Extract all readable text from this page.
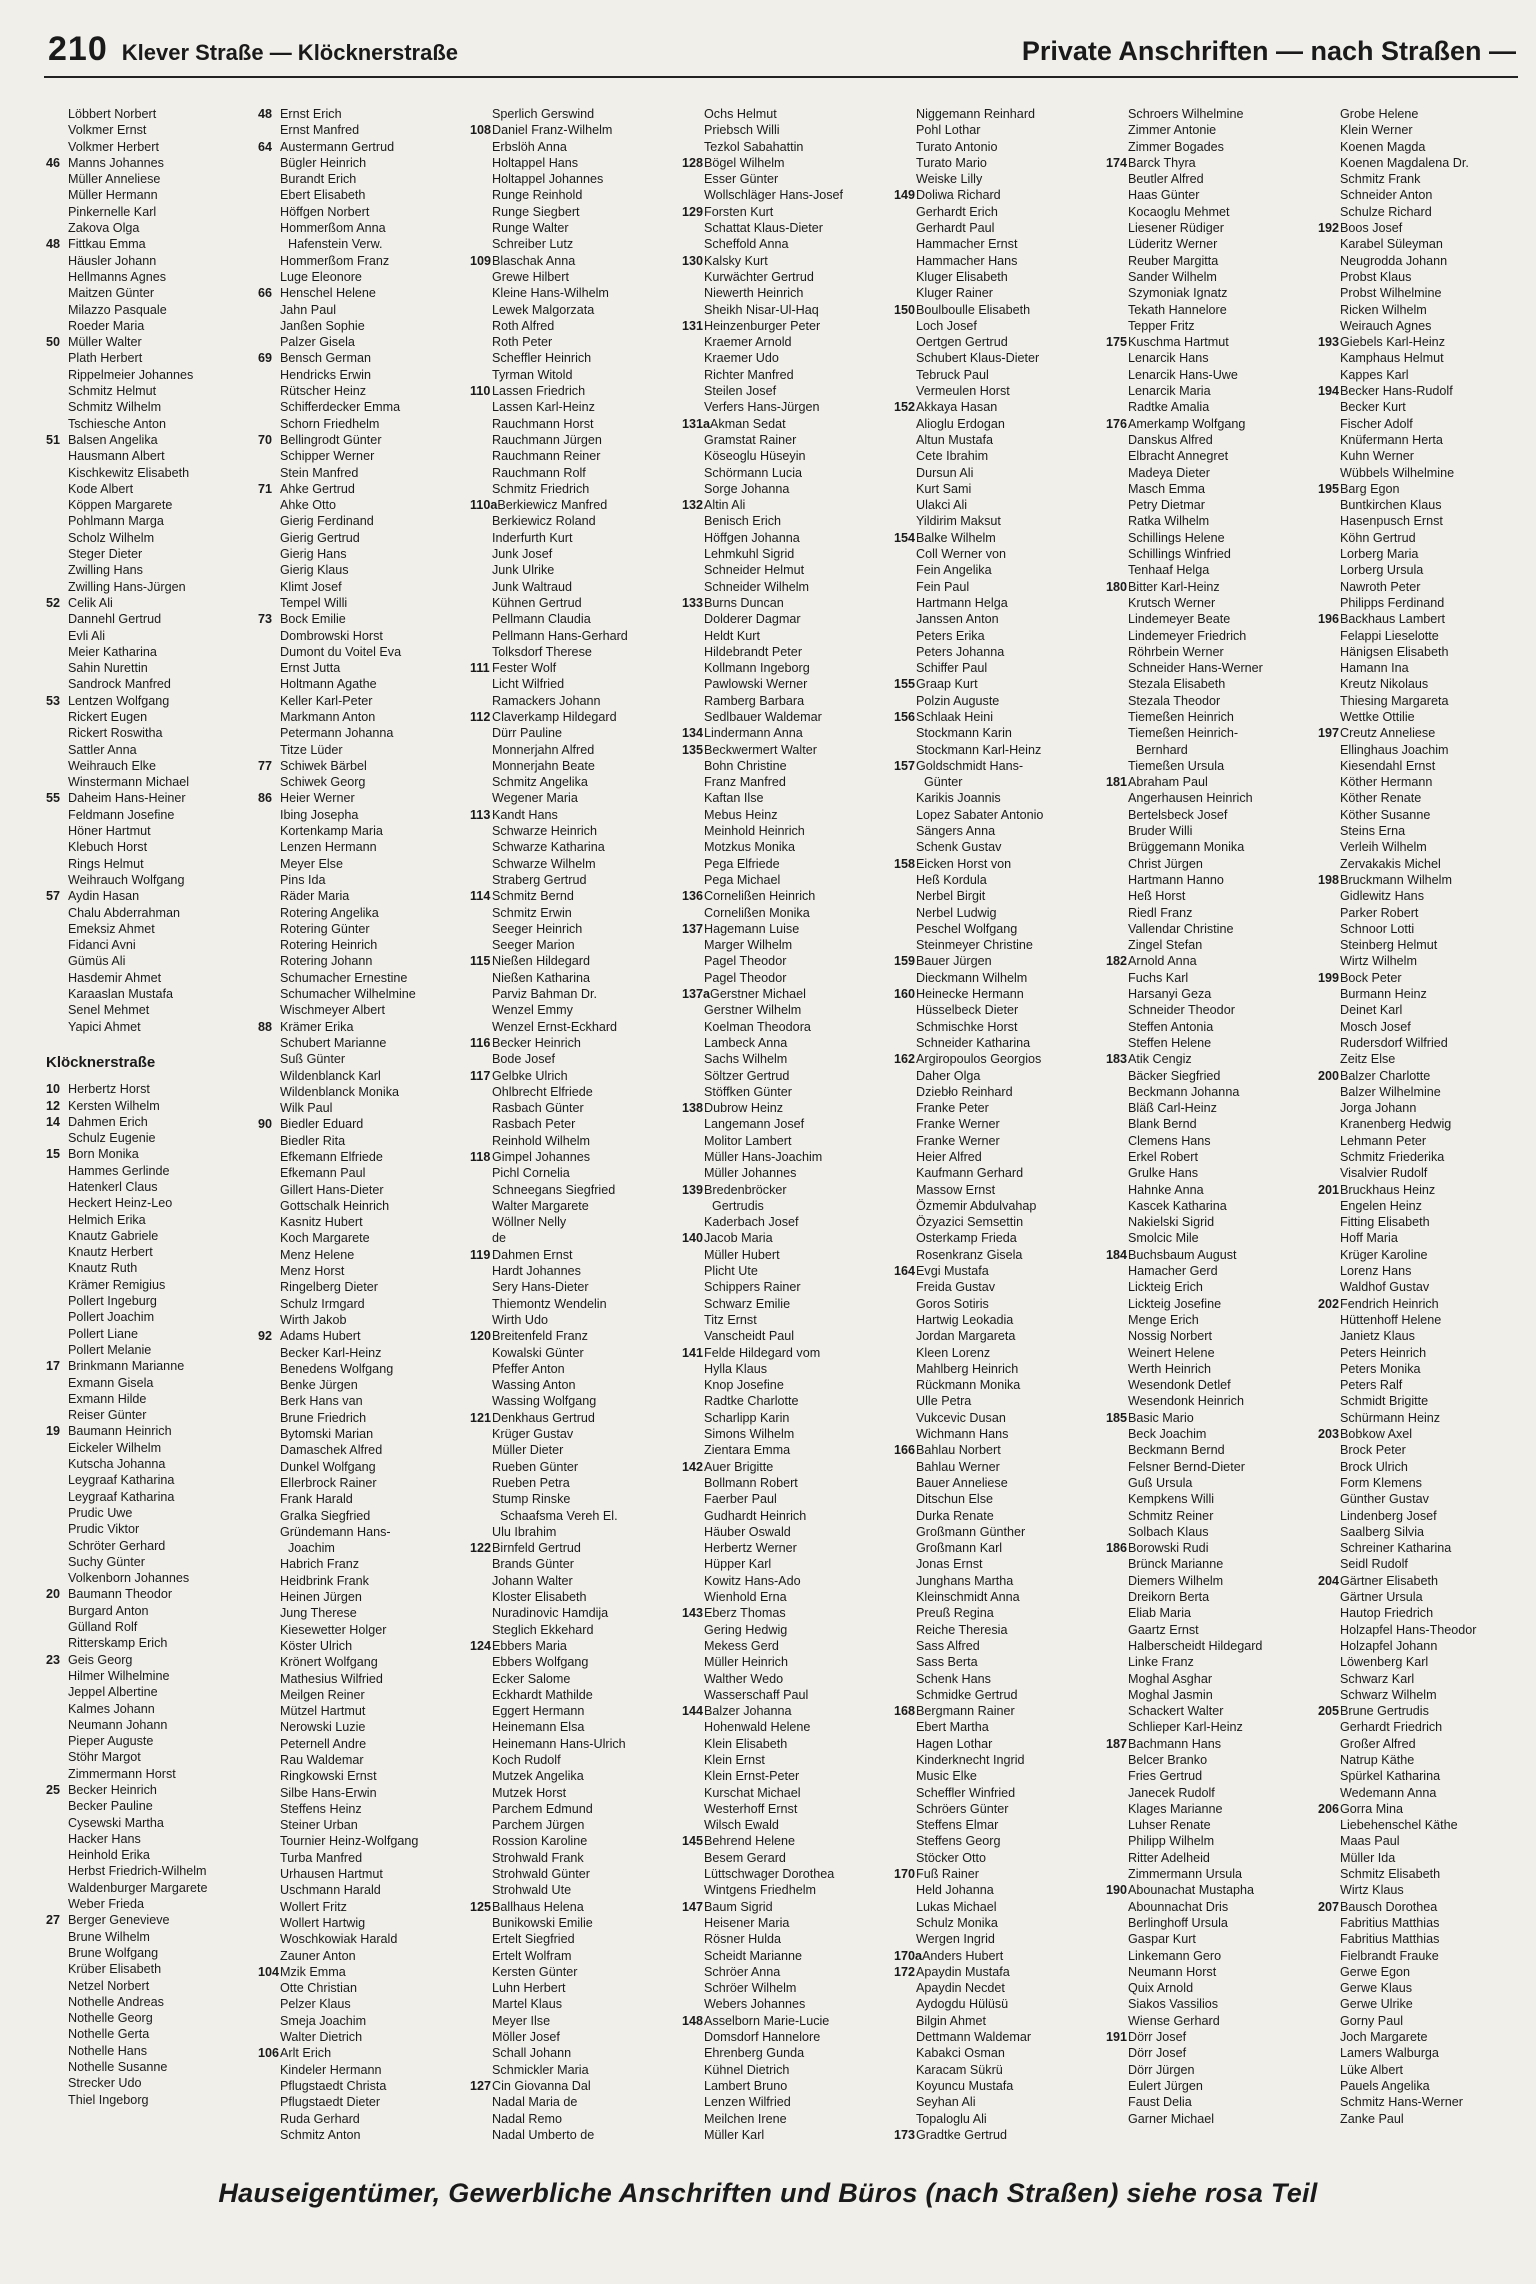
210 Klever Straße — Klöcknerstraße	Private Anschriften — nach Straßen —
Löbbert Norbert
Volkmer Ernst
Volkmer Herbert
46 Manns Johannes
Müller Anneliese
Müller Hermann
Pinkernelle Karl
Zakova Olga
48 Fittkau Emma
Häusler Johann
Hellmanns Agnes
Maitzen Günter
Milazzo Pasquale
Roeder Maria
50 Müller Walter
Plath Herbert
Rippelmeier Johannes
Schmitz Helmut
Schmitz Wilhelm
Tschiesche Anton
51 Balsen Angelika
Hausmann Albert
Kischkewitz Elisabeth
Kode Albert
Köppen Margarete
Pohlmann Marga
Scholz Wilhelm
Steger Dieter
Zwilling Hans
Zwilling Hans-Jürgen
52 Celik Ali
Dannehl Gertrud
Evli Ali
Meier Katharina
Sahin Nurettin
Sandrock Manfred
53 Lentzen Wolfgang
Rickert Eugen
Rickert Roswitha
Sattler Anna
Weihrauch Elke
Winstermann Michael
55 Daheim Hans-Heiner
Feldmann Josefine
Höner Hartmut
Klebuch Horst
Rings Helmut
Weihrauch Wolfgang
57 Aydin Hasan
Chalu Abderrahman
Emeksiz Ahmet
Fidanci Avni
Gümüs Ali
Hasdemir Ahmet
Karaaslan Mustafa
Senel Mehmet
Yapici Ahmet
Klöcknerstraße
10 Herbertz Horst
12 Kersten Wilhelm
14 Dahmen Erich
Schulz Eugenie
15 Born Monika
Hammes Gerlinde
Hatenkerl Claus
Heckert Heinz-Leo
Helmich Erika
Knautz Gabriele
Knautz Herbert
Knautz Ruth
Krämer Remigius
Pollert Ingeburg
Pollert Joachim
Pollert Liane
Pollert Melanie
17 Brinkmann Marianne
Exmann Gisela
Exmann Hilde
Reiser Günter
19 Baumann Heinrich
Eickeler Wilhelm
Kutscha Johanna
Leygraaf Katharina
Leygraaf Katharina
Prudic Uwe
Prudic Viktor
Schröter Gerhard
Suchy Günter
Volkenborn Johannes
20 Baumann Theodor
Burgard Anton
Gülland Rolf
Ritterskamp Erich
23 Geis Georg
Hilmer Wilhelmine
Jeppel Albertine
Kalmes Johann
Neumann Johann
Pieper Auguste
Stöhr Margot
Zimmermann Horst
25 Becker Heinrich
Becker Pauline
Cysewski Martha
Hacker Hans
Heinhold Erika
Herbst Friedrich-Wilhelm
Waldenburger Margarete
Weber Frieda
27 Berger Genevieve
Brune Wilhelm
Brune Wolfgang
Krüber Elisabeth
Netzel Norbert
Nothelle Andreas
Nothelle Georg
Nothelle Gerta
Nothelle Hans
Nothelle Susanne
Strecker Udo
Thiel Ingeborg
48 Ernst Erich
Ernst Manfred
64 Austermann Gertrud
Bügler Heinrich
Burandt Erich
Ebert Elisabeth
Höffgen Norbert
Hommerßom Anna
Hafenstein Verw.
Hommerßom Franz
Luge Eleonore
66 Henschel Helene
Jahn Paul
Janßen Sophie
Palzer Gisela
69 Bensch German
Hendricks Erwin
Rütscher Heinz
Schifferdecker Emma
Schorn Friedhelm
70 Bellingrodt Günter
Schipper Werner
Stein Manfred
71 Ahke Gertrud
Ahke Otto
Gierig Ferdinand
Gierig Gertrud
Gierig Hans
Gierig Klaus
Klimt Josef
Tempel Willi
73 Bock Emilie
Dombrowski Horst
Dumont du Voitel Eva
Ernst Jutta
Holtmann Agathe
Keller Karl-Peter
Markmann Anton
Petermann Johanna
Titze Lüder
77 Schiwek Bärbel
Schiwek Georg
86 Heier Werner
Ibing Josepha
Kortenkamp Maria
Lenzen Hermann
Meyer Else
Pins Ida
Räder Maria
Rotering Angelika
Rotering Günter
Rotering Heinrich
Rotering Johann
Schumacher Ernestine
Schumacher Wilhelmine
Wischmeyer Albert
88 Krämer Erika
Schubert Marianne
Suß Günter
Wildenblanck Karl
Wildenblanck Monika
Wilk Paul
90 Biedler Eduard
Biedler Rita
Efkemann Elfriede
Efkemann Paul
Gillert Hans-Dieter
Gottschalk Heinrich
Kasnitz Hubert
Koch Margarete
Menz Helene
Menz Horst
Ringelberg Dieter
Schulz Irmgard
Wirth Jakob
92 Adams Hubert
Becker Karl-Heinz
Benedens Wolfgang
Benke Jürgen
Berk Hans van
Brune Friedrich
Bytomski Marian
Damaschek Alfred
Dunkel Wolfgang
Ellerbrock Rainer
Frank Harald
Gralka Siegfried
Gründemann Hans-
Joachim
Habrich Franz
Heidbrink Frank
Heinen Jürgen
Jung Therese
Kiesewetter Holger
Köster Ulrich
Krönert Wolfgang
Mathesius Wilfried
Meilgen Reiner
Mützel Hartmut
Nerowski Luzie
Peternell Andre
Rau Waldemar
Ringkowski Ernst
Silbe Hans-Erwin
Steffens Heinz
Steiner Urban
Tournier Heinz-Wolfgang
Turba Manfred
Urhausen Hartmut
Uschmann Harald
Wollert Fritz
Wollert Hartwig
Woschkowiak Harald
Zauner Anton
104Mzik Emma
Otte Christian
Pelzer Klaus
Smeja Joachim
Walter Dietrich
106Arlt Erich
Kindeler Hermann
Pflugstaedt Christa
Pflugstaedt Dieter
Ruda Gerhard
Schmitz Anton
Sperlich Gerswind
108Daniel Franz-Wilhelm
Erbslöh Anna
Holtappel Hans
Holtappel Johannes
Runge Reinhold
Runge Siegbert
Runge Walter
Schreiber Lutz
109Blaschak Anna
Grewe Hilbert
Kleine Hans-Wilhelm
Lewek Malgorzata
Roth Alfred
Roth Peter
Scheffler Heinrich
Tyrman Witold
110 Lassen Friedrich
Lassen Karl-Heinz
Rauchmann Horst
Rauchmann Jürgen
Rauchmann Reiner
Rauchmann Rolf
Schmitz Friedrich
110aBerkiewicz Manfred
Berkiewicz Roland
Inderfurth Kurt
Junk Josef
Junk Ulrike
Junk Waltraud
Kühnen Gertrud
Pellmann Claudia
Pellmann Hans-Gerhard
Tolksdorf Therese
111 Fester Wolf
Licht Wilfried
Ramackers Johann
112 Claverkamp Hildegard
Dürr Pauline
Monnerjahn Alfred
Monnerjahn Beate
Schmitz Angelika
Wegener Maria
113 Kandt Hans
Schwarze Heinrich
Schwarze Katharina
Schwarze Wilhelm
Straberg Gertrud
114 Schmitz Bernd
Schmitz Erwin
Seeger Heinrich
Seeger Marion
115 Nießen Hildegard
Nießen Katharina
Parviz Bahman Dr.
Wenzel Emmy
Wenzel Ernst-Eckhard
116 Becker Heinrich
Bode Josef
117 Gelbke Ulrich
Ohlbrecht Elfriede
Rasbach Günter
Rasbach Peter
Reinhold Wilhelm
118 Gimpel Johannes
Pichl Cornelia
Schneegans Siegfried
Walter Margarete
Wöllner Nelly
de
119 Dahmen Ernst
Hardt Johannes
Sery Hans-Dieter
Thiemontz Wendelin
Wirth Udo
120Breitenfeld Franz
Kowalski Günter
Pfeffer Anton
Wassing Anton
Wassing Wolfgang
121Denkhaus Gertrud
Krüger Gustav
Müller Dieter
Rueben Günter
Rueben Petra
Stump Rinske
Schaafsma Vereh El.
Ulu Ibrahim
122Birnfeld Gertrud
Brands Günter
Johann Walter
Kloster Elisabeth
Nuradinovic Hamdija
Steglich Ekkehard
124Ebbers Maria
Ebbers Wolfgang
Ecker Salome
Eckhardt Mathilde
Eggert Hermann
Heinemann Elsa
Heinemann Hans-Ulrich
Koch Rudolf
Mutzek Angelika
Mutzek Horst
Parchem Edmund
Parchem Jürgen
Rossion Karoline
Strohwald Frank
Strohwald Günter
Strohwald Ute
125Ballhaus Helena
Bunikowski Emilie
Ertelt Siegfried
Ertelt Wolfram
Kersten Günter
Luhn Herbert
Martel Klaus
Meyer Ilse
Möller Josef
Schall Johann
Schmickler Maria
127Cin Giovanna Dal
Nadal Maria de
Nadal Remo
Nadal Umberto de
Ochs Helmut
Priebsch Willi
Tezkol Sabahattin
128Bögel Wilhelm
Esser Günter
Wollschläger Hans-Josef
129Forsten Kurt
Schattat Klaus-Dieter
Scheffold Anna
130Kalsky Kurt
Kurwächter Gertrud
Niewerth Heinrich
Sheikh Nisar-Ul-Haq
131Heinzenburger Peter
Kraemer Arnold
Kraemer Udo
Richter Manfred
Steilen Josef
Verfers Hans-Jürgen
131aAkman Sedat
Gramstat Rainer
Köseoglu Hüseyin
Schörmann Lucia
Sorge Johanna
132Altin Ali
Benisch Erich
Höffgen Johanna
Lehmkuhl Sigrid
Schneider Helmut
Schneider Wilhelm
133Burns Duncan
Dolderer Dagmar
Heldt Kurt
Hildebrandt Peter
Kollmann Ingeborg
Pawlowski Werner
Ramberg Barbara
Sedlbauer Waldemar
134Lindermann Anna
135Beckwermert Walter
Bohn Christine
Franz Manfred
Kaftan Ilse
Mebus Heinz
Meinhold Heinrich
Motzkus Monika
Pega Elfriede
Pega Michael
136Cornelißen Heinrich
Cornelißen Monika
137Hagemann Luise
Marger Wilhelm
Pagel Theodor
Pagel Theodor
137aGerstner Michael
Gerstner Wilhelm
Koelman Theodora
Lambeck Anna
Sachs Wilhelm
Söltzer Gertrud
Stöffken Günter
138Dubrow Heinz
Langemann Josef
Molitor Lambert
Müller Hans-Joachim
Müller Johannes
139Bredenbröcker
Gertrudis
Kaderbach Josef
140Jacob Maria
Müller Hubert
Plicht Ute
Schippers Rainer
Schwarz Emilie
Titz Ernst
Vanscheidt Paul
141Felde Hildegard vom
Hylla Klaus
Knop Josefine
Radtke Charlotte
Scharlipp Karin
Simons Wilhelm
Zientara Emma
142Auer Brigitte
Bollmann Robert
Faerber Paul
Gudhardt Heinrich
Häuber Oswald
Herbertz Werner
Hüpper Karl
Kowitz Hans-Ado
Wienhold Erna
143Eberz Thomas
Gering Hedwig
Mekess Gerd
Müller Heinrich
Walther Wedo
Wasserschaff Paul
144Balzer Johanna
Hohenwald Helene
Klein Elisabeth
Klein Ernst
Klein Ernst-Peter
Kurschat Michael
Westerhoff Ernst
Wilsch Ewald
145Behrend Helene
Besem Gerard
Lüttschwager Dorothea
Wintgens Friedhelm
147Baum Sigrid
Heisener Maria
Rösner Hulda
Scheidt Marianne
Schröer Anna
Schröer Wilhelm
Webers Johannes
148Asselborn Marie-Lucie
Domsdorf Hannelore
Ehrenberg Gunda
Kühnel Dietrich
Lambert Bruno
Lenzen Wilfried
Meilchen Irene
Müller Karl
Niggemann Reinhard
Pohl Lothar
Turato Antonio
Turato Mario
Weiske Lilly
149Doliwa Richard
Gerhardt Erich
Gerhardt Paul
Hammacher Ernst
Hammacher Hans
Kluger Elisabeth
Kluger Rainer
150Boulboulle Elisabeth
Loch Josef
Oertgen Gertrud
Schubert Klaus-Dieter
Tebruck Paul
Vermeulen Horst
152Akkaya Hasan
Alioglu Erdogan
Altun Mustafa
Cete Ibrahim
Dursun Ali
Kurt Sami
Ulakci Ali
Yildirim Maksut
154Balke Wilhelm
Coll Werner von
Fein Angelika
Fein Paul
Hartmann Helga
Janssen Anton
Peters Erika
Peters Johanna
Schiffer Paul
155Graap Kurt
Polzin Auguste
156Schlaak Heini
Stockmann Karin
Stockmann Karl-Heinz
157Goldschmidt Hans-
Günter
Karikis Joannis
Lopez Sabater Antonio
Sängers Anna
Schenk Gustav
158Eicken Horst von
Heß Kordula
Nerbel Birgit
Nerbel Ludwig
Peschel Wolfgang
Steinmeyer Christine
159Bauer Jürgen
Dieckmann Wilhelm
160Heinecke Hermann
Hüsselbeck Dieter
Schmischke Horst
Schneider Katharina
162Argiropoulos Georgios
Daher Olga
Dziebło Reinhard
Franke Peter
Franke Werner
Franke Werner
Heier Alfred
Kaufmann Gerhard
Massow Ernst
Özmemir Abdulvahap
Özyazici Semsettin
Osterkamp Frieda
Rosenkranz Gisela
164Evgi Mustafa
Freida Gustav
Goros Sotiris
Hartwig Leokadia
Jordan Margareta
Kleen Lorenz
Mahlberg Heinrich
Rückmann Monika
Ulle Petra
Vukcevic Dusan
Wichmann Hans
166Bahlau Norbert
Bahlau Werner
Bauer Anneliese
Ditschun Else
Durka Renate
Großmann Günther
Großmann Karl
Jonas Ernst
Junghans Martha
Kleinschmidt Anna
Preuß Regina
Reiche Theresia
Sass Alfred
Sass Berta
Schenk Hans
Schmidke Gertrud
168Bergmann Rainer
Ebert Martha
Hagen Lothar
Kinderknecht Ingrid
Music Elke
Scheffler Winfried
Schröers Günter
Steffens Elmar
Steffens Georg
Stöcker Otto
170Fuß Rainer
Held Johanna
Lukas Michael
Schulz Monika
Wergen Ingrid
170aAnders Hubert
172Apaydin Mustafa
Apaydin Necdet
Aydogdu Hülüsü
Bilgin Ahmet
Dettmann Waldemar
Kabakci Osman
Karacam Sükrü
Koyuncu Mustafa
Seyhan Ali
Topaloglu Ali
173Gradtke Gertrud
Schroers Wilhelmine
Zimmer Antonie
Zimmer Bogades
174Barck Thyra
Beutler Alfred
Haas Günter
Kocaoglu Mehmet
Liesener Rüdiger
Lüderitz Werner
Reuber Margitta
Sander Wilhelm
Szymoniak Ignatz
Tekath Hannelore
Tepper Fritz
175Kuschma Hartmut
Lenarcik Hans
Lenarcik Hans-Uwe
Lenarcik Maria
Radtke Amalia
176Amerkamp Wolfgang
Danskus Alfred
Elbracht Annegret
Madeya Dieter
Masch Emma
Petry Dietmar
Ratka Wilhelm
Schillings Helene
Schillings Winfried
Tenhaaf Helga
180Bitter Karl-Heinz
Krutsch Werner
Lindemeyer Beate
Lindemeyer Friedrich
Röhrbein Werner
Schneider Hans-Werner
Stezala Elisabeth
Stezala Theodor
Tiemeßen Heinrich
Tiemeßen Heinrich-
Bernhard
Tiemeßen Ursula
181Abraham Paul
Angerhausen Heinrich
Bertelsbeck Josef
Bruder Willi
Brüggemann Monika
Christ Jürgen
Hartmann Hanno
Heß Horst
Riedl Franz
Vallendar Christine
Zingel Stefan
182Arnold Anna
Fuchs Karl
Harsanyi Geza
Schneider Theodor
Steffen Antonia
Steffen Helene
183Atik Cengiz
Bäcker Siegfried
Beckmann Johanna
Bläß Carl-Heinz
Blank Bernd
Clemens Hans
Erkel Robert
Grulke Hans
Hahnke Anna
Kascek Katharina
Nakielski Sigrid
Smolcic Mile
184Buchsbaum August
Hamacher Gerd
Lickteig Erich
Lickteig Josefine
Menge Erich
Nossig Norbert
Weinert Helene
Werth Heinrich
Wesendonk Detlef
Wesendonk Heinrich
185Basic Mario
Beck Joachim
Beckmann Bernd
Felsner Bernd-Dieter
Guß Ursula
Kempkens Willi
Schmitz Reiner
Solbach Klaus
186Borowski Rudi
Brünck Marianne
Diemers Wilhelm
Dreikorn Berta
Eliab Maria
Gaartz Ernst
Halberscheidt Hildegard
Linke Franz
Moghal Asghar
Moghal Jasmin
Schackert Walter
Schlieper Karl-Heinz
187Bachmann Hans
Belcer Branko
Fries Gertrud
Janecek Rudolf
Klages Marianne
Luhser Renate
Philipp Wilhelm
Ritter Adelheid
Zimmermann Ursula
190Abounachat Mustapha
Abounnachat Dris
Berlinghoff Ursula
Gaspar Kurt
Linkemann Gero
Neumann Horst
Quix Arnold
Siakos Vassilios
Wiense Gerhard
191Dörr Josef
Dörr Josef
Dörr Jürgen
Eulert Jürgen
Faust Delia
Garner Michael
Grobe Helene
Klein Werner
Koenen Magda
Koenen Magdalena Dr.
Schmitz Frank
Schneider Anton
Schulze Richard
192Boos Josef
Karabel Süleyman
Neugrodda Johann
Probst Klaus
Probst Wilhelmine
Ricken Wilhelm
Weirauch Agnes
193Giebels Karl-Heinz
Kamphaus Helmut
Kappes Karl
194Becker Hans-Rudolf
Becker Kurt
Fischer Adolf
Knüfermann Herta
Kuhn Werner
Wübbels Wilhelmine
195Barg Egon
Buntkirchen Klaus
Hasenpusch Ernst
Köhn Gertrud
Lorberg Maria
Lorberg Ursula
Nawroth Peter
Philipps Ferdinand
196Backhaus Lambert
Felappi Lieselotte
Hänigsen Elisabeth
Hamann Ina
Kreutz Nikolaus
Thiesing Margareta
Wettke Ottilie
197Creutz Anneliese
Ellinghaus Joachim
Kiesendahl Ernst
Köther Hermann
Köther Renate
Köther Susanne
Steins Erna
Verleih Wilhelm
Zervakakis Michel
198Bruckmann Wilhelm
Gidlewitz Hans
Parker Robert
Schnoor Lotti
Steinberg Helmut
Wirtz Wilhelm
199Bock Peter
Burmann Heinz
Deinet Karl
Mosch Josef
Rudersdorf Wilfried
Zeitz Else
200Balzer Charlotte
Balzer Wilhelmine
Jorga Johann
Kranenberg Hedwig
Lehmann Peter
Schmitz Friederika
Visalvier Rudolf
201Bruckhaus Heinz
Engelen Heinz
Fitting Elisabeth
Hoff Maria
Krüger Karoline
Lorenz Hans
Waldhof Gustav
202Fendrich Heinrich
Hüttenhoff Helene
Janietz Klaus
Peters Heinrich
Peters Monika
Peters Ralf
Schmidt Brigitte
Schürmann Heinz
203Bobkow Axel
Brock Peter
Brock Ulrich
Form Klemens
Günther Gustav
Lindenberg Josef
Saalberg Silvia
Schreiner Katharina
Seidl Rudolf
204Gärtner Elisabeth
Gärtner Ursula
Hautop Friedrich
Holzapfel Hans-Theodor
Holzapfel Johann
Löwenberg Karl
Schwarz Karl
Schwarz Wilhelm
205Brune Gertrudis
Gerhardt Friedrich
Großer Alfred
Natrup Käthe
Spürkel Katharina
Wedemann Anna
206Gorra Mina
Liebehenschel Käthe
Maas Paul
Müller Ida
Schmitz Elisabeth
Wirtz Klaus
207Bausch Dorothea
Fabritius Matthias
Fabritius Matthias
Fielbrandt Frauke
Gerwe Egon
Gerwe Klaus
Gerwe Ulrike
Gorny Paul
Joch Margarete
Lamers Walburga
Lüke Albert
Pauels Angelika
Schmitz Hans-Werner
Zanke Paul
Hauseigentümer, Gewerbliche Anschriften und Büros (nach Straßen) siehe rosa Teil
